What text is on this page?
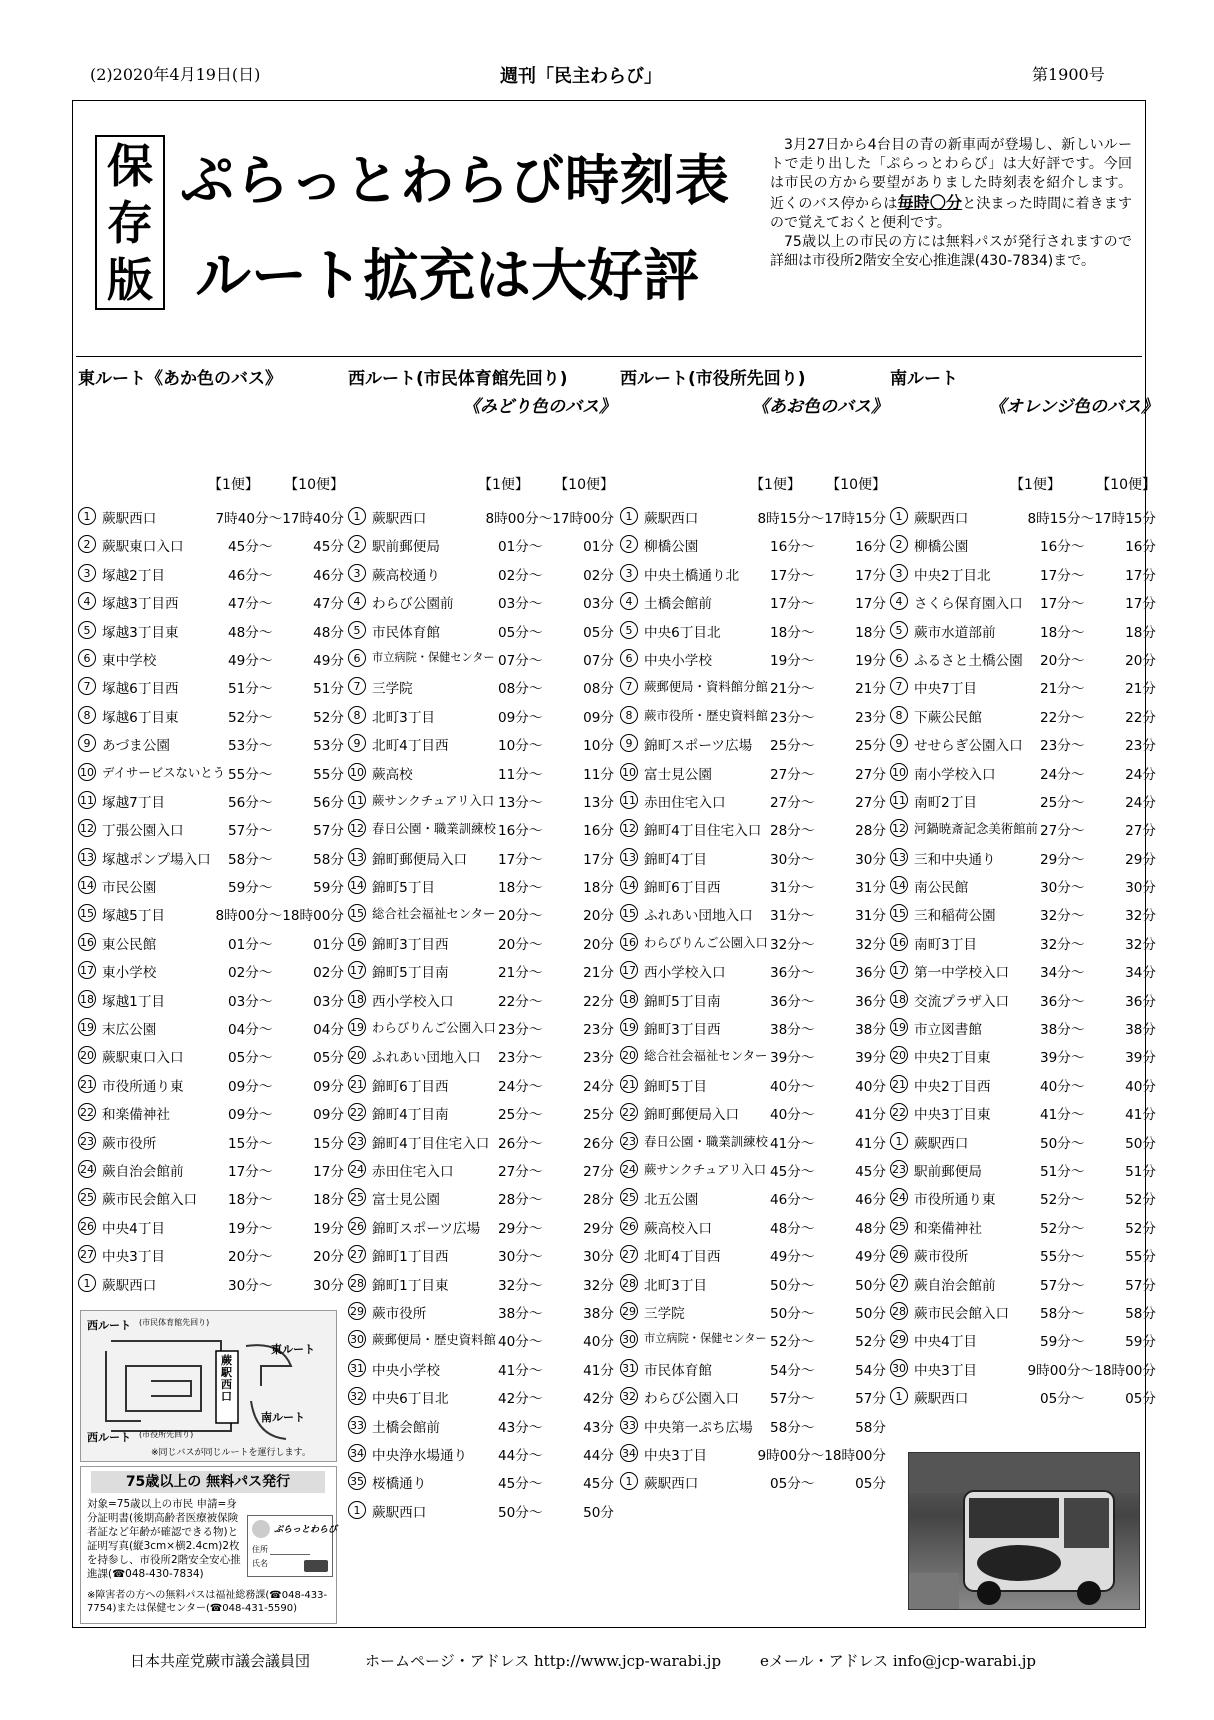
(2)2020年4月19日(日)	週刊「民主わらび」	第1900号
保
存
版
ぷらっとわらび時刻表
ルート拡充は大好評

3月27日から4台目の青の新車両が登場し、新しいルートで走り出した「ぷらっとわらび」は大好評です。今回は市民の方から要望がありました時刻表を紹介します。近くのバス停からは毎時〇分と決まった時間に着きますので覚えておくと便利です。

75歳以上の市民の方には無料パスが発行されますので詳細は市役所2階安全安心推進課(430-7834)まで。

東ルート《あか色のバス》
【1便】 【10便】
1 蕨駅西口	7時40分～17時40分
2 蕨駅東口入口	45分～	45分
3 塚越2丁目	46分～	46分
4 塚越3丁目西	47分～	47分
5 塚越3丁目東	48分～	48分
6 東中学校	49分～	49分
7 塚越6丁目西	51分～	51分
8 塚越6丁目東	52分～	52分
9 あづま公園	53分～	53分
10 デイサービスないとう 55分～	55分
11 塚越7丁目	56分～	56分
12 丁張公園入口	57分～	57分
13 塚越ポンプ場入口 58分～	58分
14 市民公園	59分～	59分
15 塚越5丁目	8時00分～18時00分
16 東公民館	01分～	01分
17 東小学校	02分～	02分
18 塚越1丁目	03分～	03分
19 末広公園	04分～	04分
20 蕨駅東口入口	05分～	05分
21 市役所通り東	09分～	09分
22 和楽備神社	09分～	09分
23 蕨市役所	15分～	15分
24 蕨自治会館前	17分～	17分
25 蕨市民会館入口 18分～	18分
26 中央4丁目	19分～	19分
27 中央3丁目	20分～	20分
1 蕨駅西口	30分～	30分
西ルート(市民体育館先回り)
《みどり色のバス》
【1便】 【10便】
1 蕨駅西口	8時00分～17時00分
2 駅前郵便局	01分～	01分
3 蕨高校通り	02分～	02分
4 わらび公園前	03分～	03分
5 市民体育館	05分～	05分
6	市立病院・保健センター 07分～	07分
7 三学院	08分～	08分
8 北町3丁目	09分～	09分
9 北町4丁目西	10分～	10分
10 蕨高校	11分～	11分
11 蕨サンクチュアリ入口 13分～	13分
12 春日公園・職業訓練校 16分～	16分
13 錦町郵便局入口 17分～	17分
14 錦町5丁目	18分～	18分
15 総合社会福祉センター 20分～	20分
16 錦町3丁目西	20分～	20分
17 錦町5丁目南	21分～	21分
18 西小学校入口	22分～	22分
19 わらびりんご公園入口 23分～	23分
20 ふれあい団地入口 23分～	23分
21 錦町6丁目西	24分～	24分
22 錦町4丁目南	25分～	25分
23 錦町4丁目住宅入口 26分～	26分
24 赤田住宅入口	27分～	27分
25 富士見公園	28分～	28分
26 錦町スポーツ広場 29分～	29分
27 錦町1丁目西	30分～	30分
28 錦町1丁目東	32分～	32分
29 蕨市役所	38分～	38分
30 蕨郵便局・歴史資料館 40分～	40分
31 中央小学校	41分～	41分
32 中央6丁目北	42分～	42分
33 土橋会館前	43分～	43分
34 中央浄水場通り 44分～	44分
35 桜橋通り	45分～	45分
1 蕨駅西口	50分～	50分
西ルート(市役所先回り)
《あお色のバス》
【1便】 【10便】
1 蕨駅西口	8時15分～17時15分
2 柳橋公園	16分～	16分
3 中央土橋通り北 17分～	17分
4 土橋会館前	17分～	17分
5 中央6丁目北	18分～	18分
6 中央小学校	19分～	19分
7 蕨郵便局・資料館分館 21分～	21分
8 蕨市役所・歴史資料館 23分～	23分
9 錦町スポーツ広場 25分～	25分
10 富士見公園	27分～	27分
11 赤田住宅入口	27分～	27分
12 錦町4丁目住宅入口 28分～	28分
13 錦町4丁目	30分～	30分
14 錦町6丁目西	31分～	31分
15 ふれあい団地入口 31分～	31分
16 わらびりんご公園入口 32分～	32分
17 西小学校入口	36分～	36分
18 錦町5丁目南	36分～	36分
19 錦町3丁目西	38分～	38分
20 総合社会福祉センター 39分～	39分
21 錦町5丁目	40分～	40分
22 錦町郵便局入口 40分～	41分
23 春日公園・職業訓練校 41分～	41分
24 蕨サンクチュアリ入口 45分～	45分
25 北五公園	46分～	46分
26 蕨高校入口	48分～	48分
27 北町4丁目西	49分～	49分
28 北町3丁目	50分～	50分
29 三学院	50分～	50分
30 市立病院・保健センター 52分～	52分
31 市民体育館	54分～	54分
32 わらび公園入口 57分～	57分
33 中央第一ぷち広場 58分～	58分
34 中央3丁目	9時00分～18時00分
1 蕨駅西口	05分～	05分
南ルート
《オレンジ色のバス》
【1便】	【10便】
1 蕨駅西口	8時15分～17時15分
2 柳橋公園	16分～	16分
3 中央2丁目北	17分～	17分
4 さくら保育園入口 17分～	17分
5 蕨市水道部前	18分～	18分
6 ふるさと土橋公園 20分～	20分
7 中央7丁目	21分～	21分
8 下蕨公民館	22分～	22分
9 せせらぎ公園入口 23分～	23分
10 南小学校入口	24分～	24分
11 南町2丁目	25分～	24分
12 河鍋暁斎記念美術館前 27分～	27分
13 三和中央通り	29分～	29分
14 南公民館	30分～	30分
15 三和稲荷公園	32分～	32分
16 南町3丁目	32分～	32分
17 第一中学校入口 34分～	34分
18 交流プラザ入口 36分～	36分
19 市立図書館	38分～	38分
20 中央2丁目東	39分～	39分
21 中央2丁目西	40分～	40分
22 中央3丁目東	41分～	41分
1 蕨駅西口	50分～	50分
23 駅前郵便局	51分～	51分
24 市役所通り東	52分～	52分
25 和楽備神社	52分～	52分
26 蕨市役所	55分～	55分
27 蕨自治会館前	57分～	57分
28 蕨市民会館入口 58分～	58分
29 中央4丁目	59分～	59分
30 中央3丁目	9時00分～18時00分
1 蕨駅西口	05分～	05分
西ルート (市民体育館先回り)
東ルート
南ルート
西ルート (市役所先回り)
蕨駅西口
※同じバスが同じルートを運行します。
75歳以上の 無料パス発行
対象=75歳以上の市民 申請=身分証明書(後期高齢者医療被保険者証など年齢が確認できる物)と証明写真(縦3cm×横2.4cm)2枚を持参し、市役所2階安全安心推進課(☎048-430-7834)
ぷらっとわらび
住所
氏名
※障害者の方への無料パスは福祉総務課(☎048-433-7754)または保健センター(☎048-431-5590)
日本共産党蕨市議会議員団	ホームページ・アドレス http://www.jcp-warabi.jp	eメール・アドレス info@jcp-warabi.jp
